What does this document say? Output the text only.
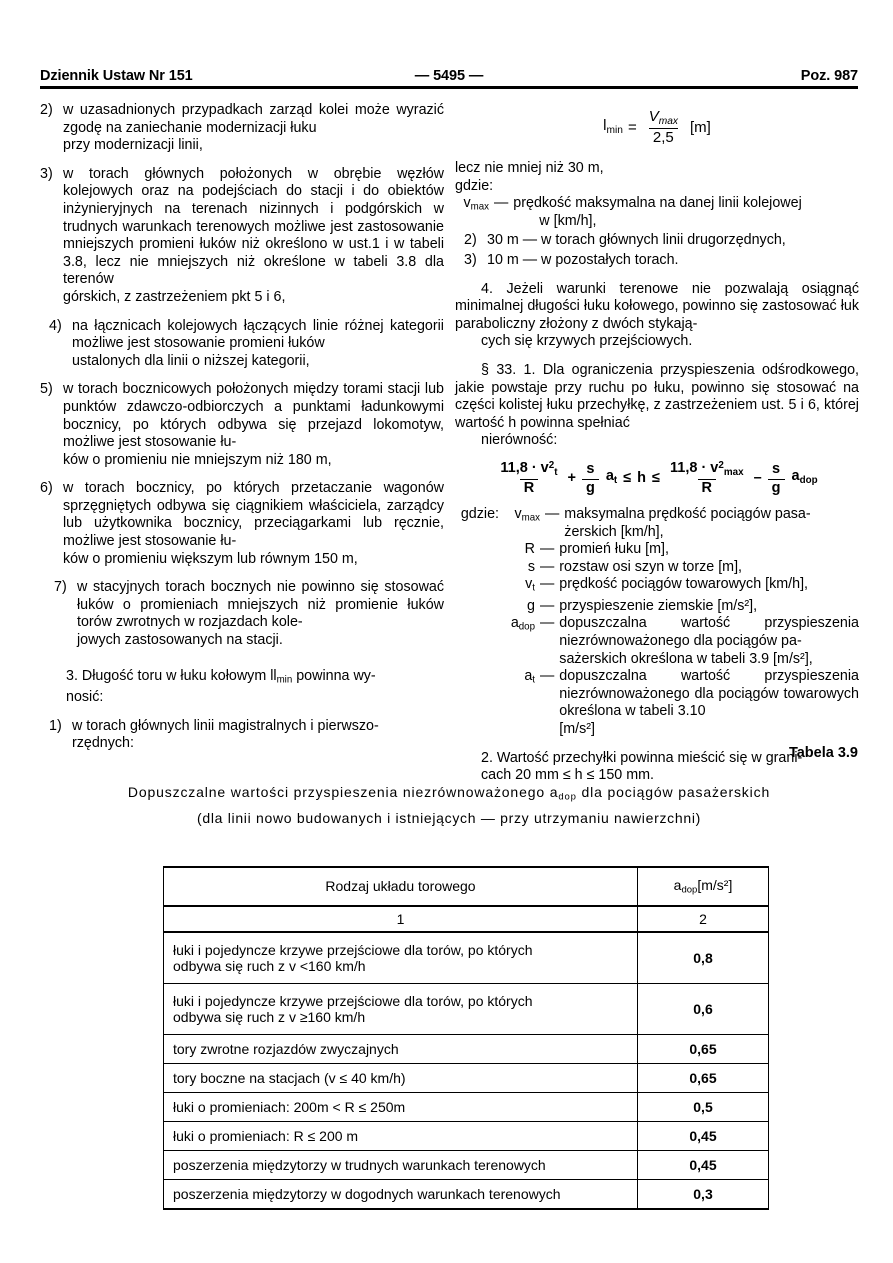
Dziennik Ustaw Nr 151	— 5495 —	Poz. 987
2) w uzasadnionych przypadkach zarząd kolei może wyrazić zgodę na zaniechanie modernizacji łuku
przy modernizacji linii,
3) w torach głównych położonych w obrębie węzłów kolejowych oraz na podejściach do stacji i do obiektów inżynieryjnych na terenach nizinnych i podgórskich w trudnych warunkach terenowych możliwe jest zastosowanie mniejszych promieni łuków niż określono w ust.1 i w tabeli 3.8, lecz nie mniejszych niż określone w tabeli 3.8 dla terenów
górskich, z zastrzeżeniem pkt 5 i 6,
4) na łącznicach kolejowych łączących linie różnej kategorii możliwe jest stosowanie promieni łuków
ustalonych dla linii o niższej kategorii,
5) w torach bocznicowych położonych między torami stacji lub punktów zdawczo-odbiorczych a punktami ładunkowymi bocznicy, po których odbywa się przejazd lokomotyw, możliwe jest stosowanie łu-
ków o promieniu nie mniejszym niż 180 m,
6) w torach bocznicy, po których przetaczanie wagonów sprzęgniętych odbywa się ciągnikiem właściciela, zarządcy lub użytkownika bocznicy, przeciągarkami lub ręcznie, możliwe jest stosowanie łu-
ków o promieniu większym lub równym 150 m,
7) w stacyjnych torach bocznych nie powinno się stosować łuków o promieniach mniejszych niż promienie łuków torów zwrotnych w rozjazdach kole-
jowych zastosowanych na stacji.

3. Długość toru w łuku kołowym $ll_{min}$ powinna wy-
nosić:

1) w torach głównych linii magistralnych i pierwszo-
rzędnych:
$l_{min} = \frac{V_{max}}{2,5} [m]$

lecz nie mniej niż 30 m,

gdzie:

$v_{max}$ — prędkość maksymalna na danej linii kolejowej
w [km/h],
2) 30 m — w torach głównych linii drugorzędnych,
3) 10 m — w pozostałych torach.

4. Jeżeli warunki terenowe nie pozwalają osiągnąć minimalnej długości łuku kołowego, powinno się zastosować łuk paraboliczny złożony z dwóch stykają-
cych się krzywych przejściowych.

§ 33. 1. Dla ograniczenia przyspieszenia odśrodkowego, jakie powstaje przy ruchu po łuku, powinno się stosować na części kolistej łuku przechyłkę, z zastrzeżeniem ust. 5 i 6, której wartość h powinna spełniać
nierówność:

$\frac{11,8 \cdot v^2_t}{R} + \frac{s}{g} a_t \le h \le \frac{11,8 \cdot v^2_{max}}{R} - \frac{s}{g} a_{dop}$
gdzie:	$v_{max}$ — maksymalna prędkość pociągów pasa-
żerskich [km/h],
R — promień łuku [m],
s — rozstaw osi szyn w torze [m],
$v_t$ — prędkość pociągów towarowych [km/h],
g — przyspieszenie ziemskie [m/s²],
$a_{dop}$ — dopuszczalna wartość przyspieszenia niezrównoważonego dla pociągów pa-
sażerskich określona w tabeli 3.9 [m/s²],
$a_t$ — dopuszczalna wartość przyspieszenia niezrównoważonego dla pociągów towarowych określona w tabeli 3.10
[m/s²]

2. Wartość przechyłki powinna mieścić się w grani-
cach 20 mm ≤ h ≤ 150 mm.

Tabela 3.9
Dopuszczalne wartości przyspieszenia niezrównoważonego $a_{dop}$ dla pociągów pasażerskich
(dla linii nowo budowanych i istniejących — przy utrzymaniu nawierzchni)
Rodzaj układu torowego	$a_{dop}[m/s^2]$
1	2
łuki i pojedyncze krzywe przejściowe dla torów, po których
odbywa się ruch z v <160 km/h	0,8
łuki i pojedyncze krzywe przejściowe dla torów, po których
odbywa się ruch z v ≥160 km/h	0,6
tory zwrotne rozjazdów zwyczajnych	0,65
tory boczne na stacjach (v ≤ 40 km/h)	0,65
łuki o promieniach: 200m < R ≤ 250m	0,5
łuki o promieniach: R ≤ 200 m	0,45
poszerzenia międzytorzy w trudnych warunkach terenowych	0,45
poszerzenia międzytorzy w dogodnych warunkach terenowych	0,3
